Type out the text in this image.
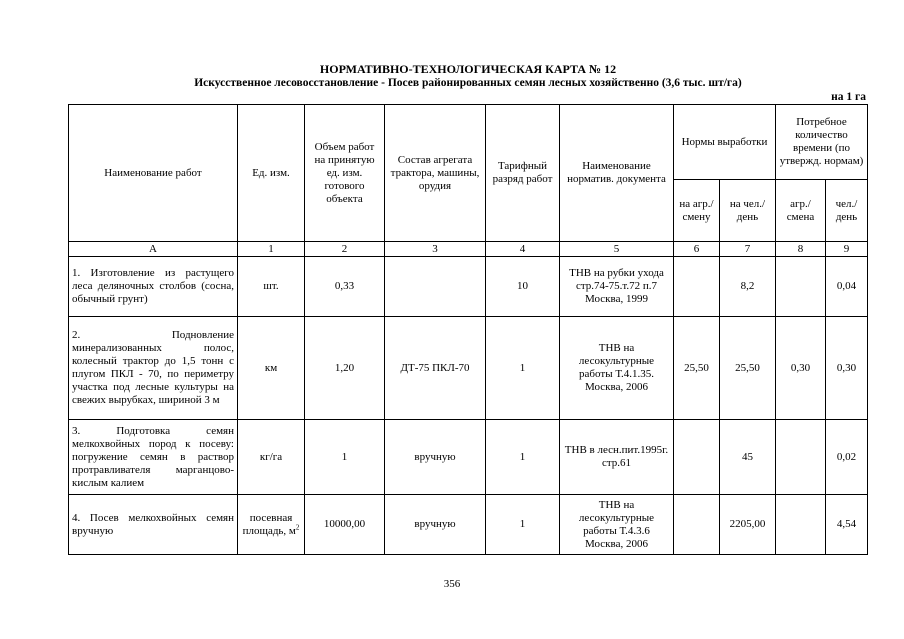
НОРМАТИВНО-ТЕХНОЛОГИЧЕСКАЯ КАРТА № 12
Искусственное лесовосстановление - Посев районированных семян лесных хозяйственно (3,6 тыс. шт/га)
на 1 га
Наименование работ	Ед. изм.	Объем работ на принятую ед. изм. готового объекта	Состав агрегата трактора, машины, орудия	Тарифный разряд работ	Наименование норматив. документа	Нормы выработки		Потребное количество времени (по утвержд. нормам)	
						на агр./ смену	на чел./ день	агр./ смена	чел./ день
А	1	2	3	4	5	6	7	8	9
1. Изготовление из растущего леса деляночных столбов (сосна, обычный грунт)	шт.	0,33		10	ТНВ на рубки ухода стр.74-75.т.72 п.7 Москва, 1999		8,2		0,04
2. Подновление минерализованных полос, колесный трактор до 1,5 тонн с плугом ПКЛ - 70, по периметру участка под лесные культуры на свежих вырубках, шириной 3 м	км	1,20	ДТ-75 ПКЛ-70	1	ТНВ на лесокультурные работы Т.4.1.35. Москва, 2006	25,50	25,50	0,30	0,30
3. Подготовка семян мелкохвойных пород к посеву: погружение семян в раствор протравливателя марганцово-кислым калием	кг/га	1	вручную	1	ТНВ в лесн.пит.1995г. стр.61		45		0,02
4. Посев мелкохвойных семян вручную	посевная площадь, $м^2$	10000,00	вручную	1	ТНВ на лесокультурные работы Т.4.3.6 Москва, 2006		2205,00		4,54
356
